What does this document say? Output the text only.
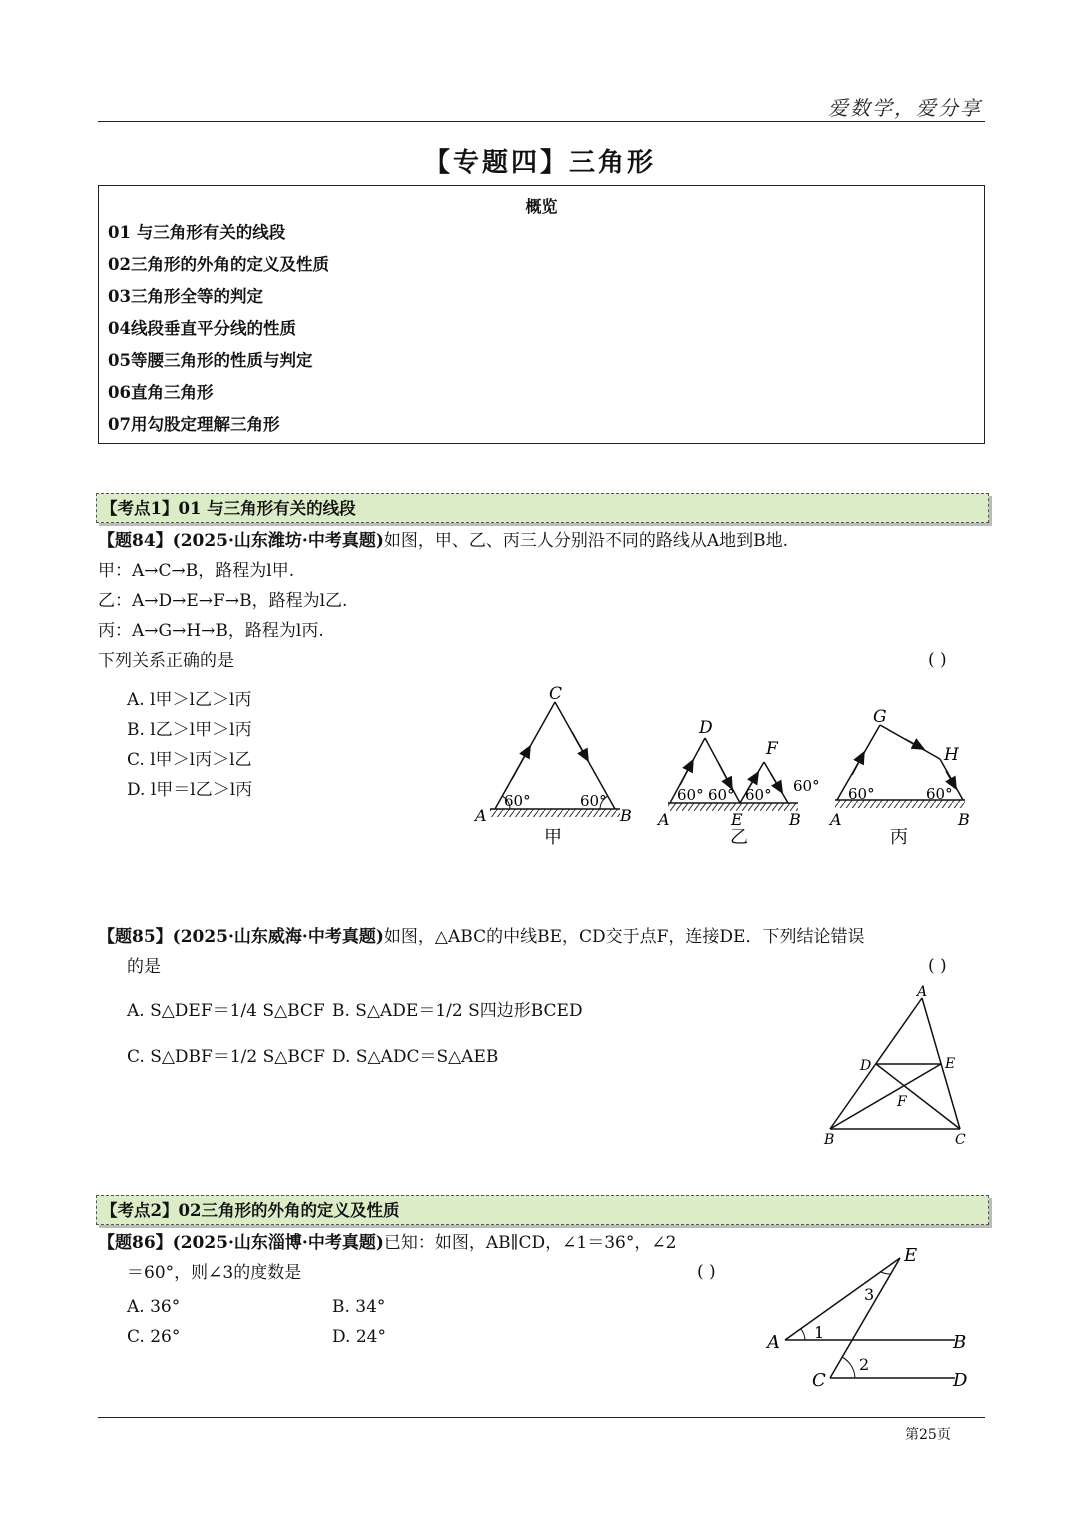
爱数学，爱分享
【专题四】三角形
概览
01 与三角形有关的线段
02三角形的外角的定义及性质
03三角形全等的判定
04线段垂直平分线的性质
05等腰三角形的性质与判定
06直角三角形
07用勾股定理解三角形
【考点1】01 与三角形有关的线段
【题84】(2025·山东潍坊·中考真题)如图，甲、乙、丙三人分别沿不同的路线从A地到B地.
甲：A→C→B，路程为l甲.
乙：A→D→E→F→B，路程为l乙.
丙：A→G→H→B，路程为l丙.
下列关系正确的是	( )
A. l甲＞l乙＞l丙
B. l乙＞l甲＞l丙
C. l甲＞l丙＞l乙
D. l甲＝l乙＞l丙
C
A	B
60°	60°
甲
D
F
A	E	B
60° 60° 60° 60°
乙
G
H
A	B
60°	60°
丙
【题85】(2025·山东威海·中考真题)如图，△ABC的中线BE，CD交于点F，连接DE．下列结论错误
的是	( )
A. S△DEF＝1/4 S△BCF B. S△ADE＝1/2 S四边形BCED
C. S△DBF＝1/2 S△BCF D. S△ADC＝S△AEB
A
D	E
F
B	C
【考点2】02三角形的外角的定义及性质
【题86】(2025·山东淄博·中考真题)已知：如图，AB∥CD，∠1＝36°，∠2
＝60°，则∠3的度数是	( )
A. 36°	B. 34°
C. 26°	D. 24°
E
A	B
C	D
1
2
3
第25页
